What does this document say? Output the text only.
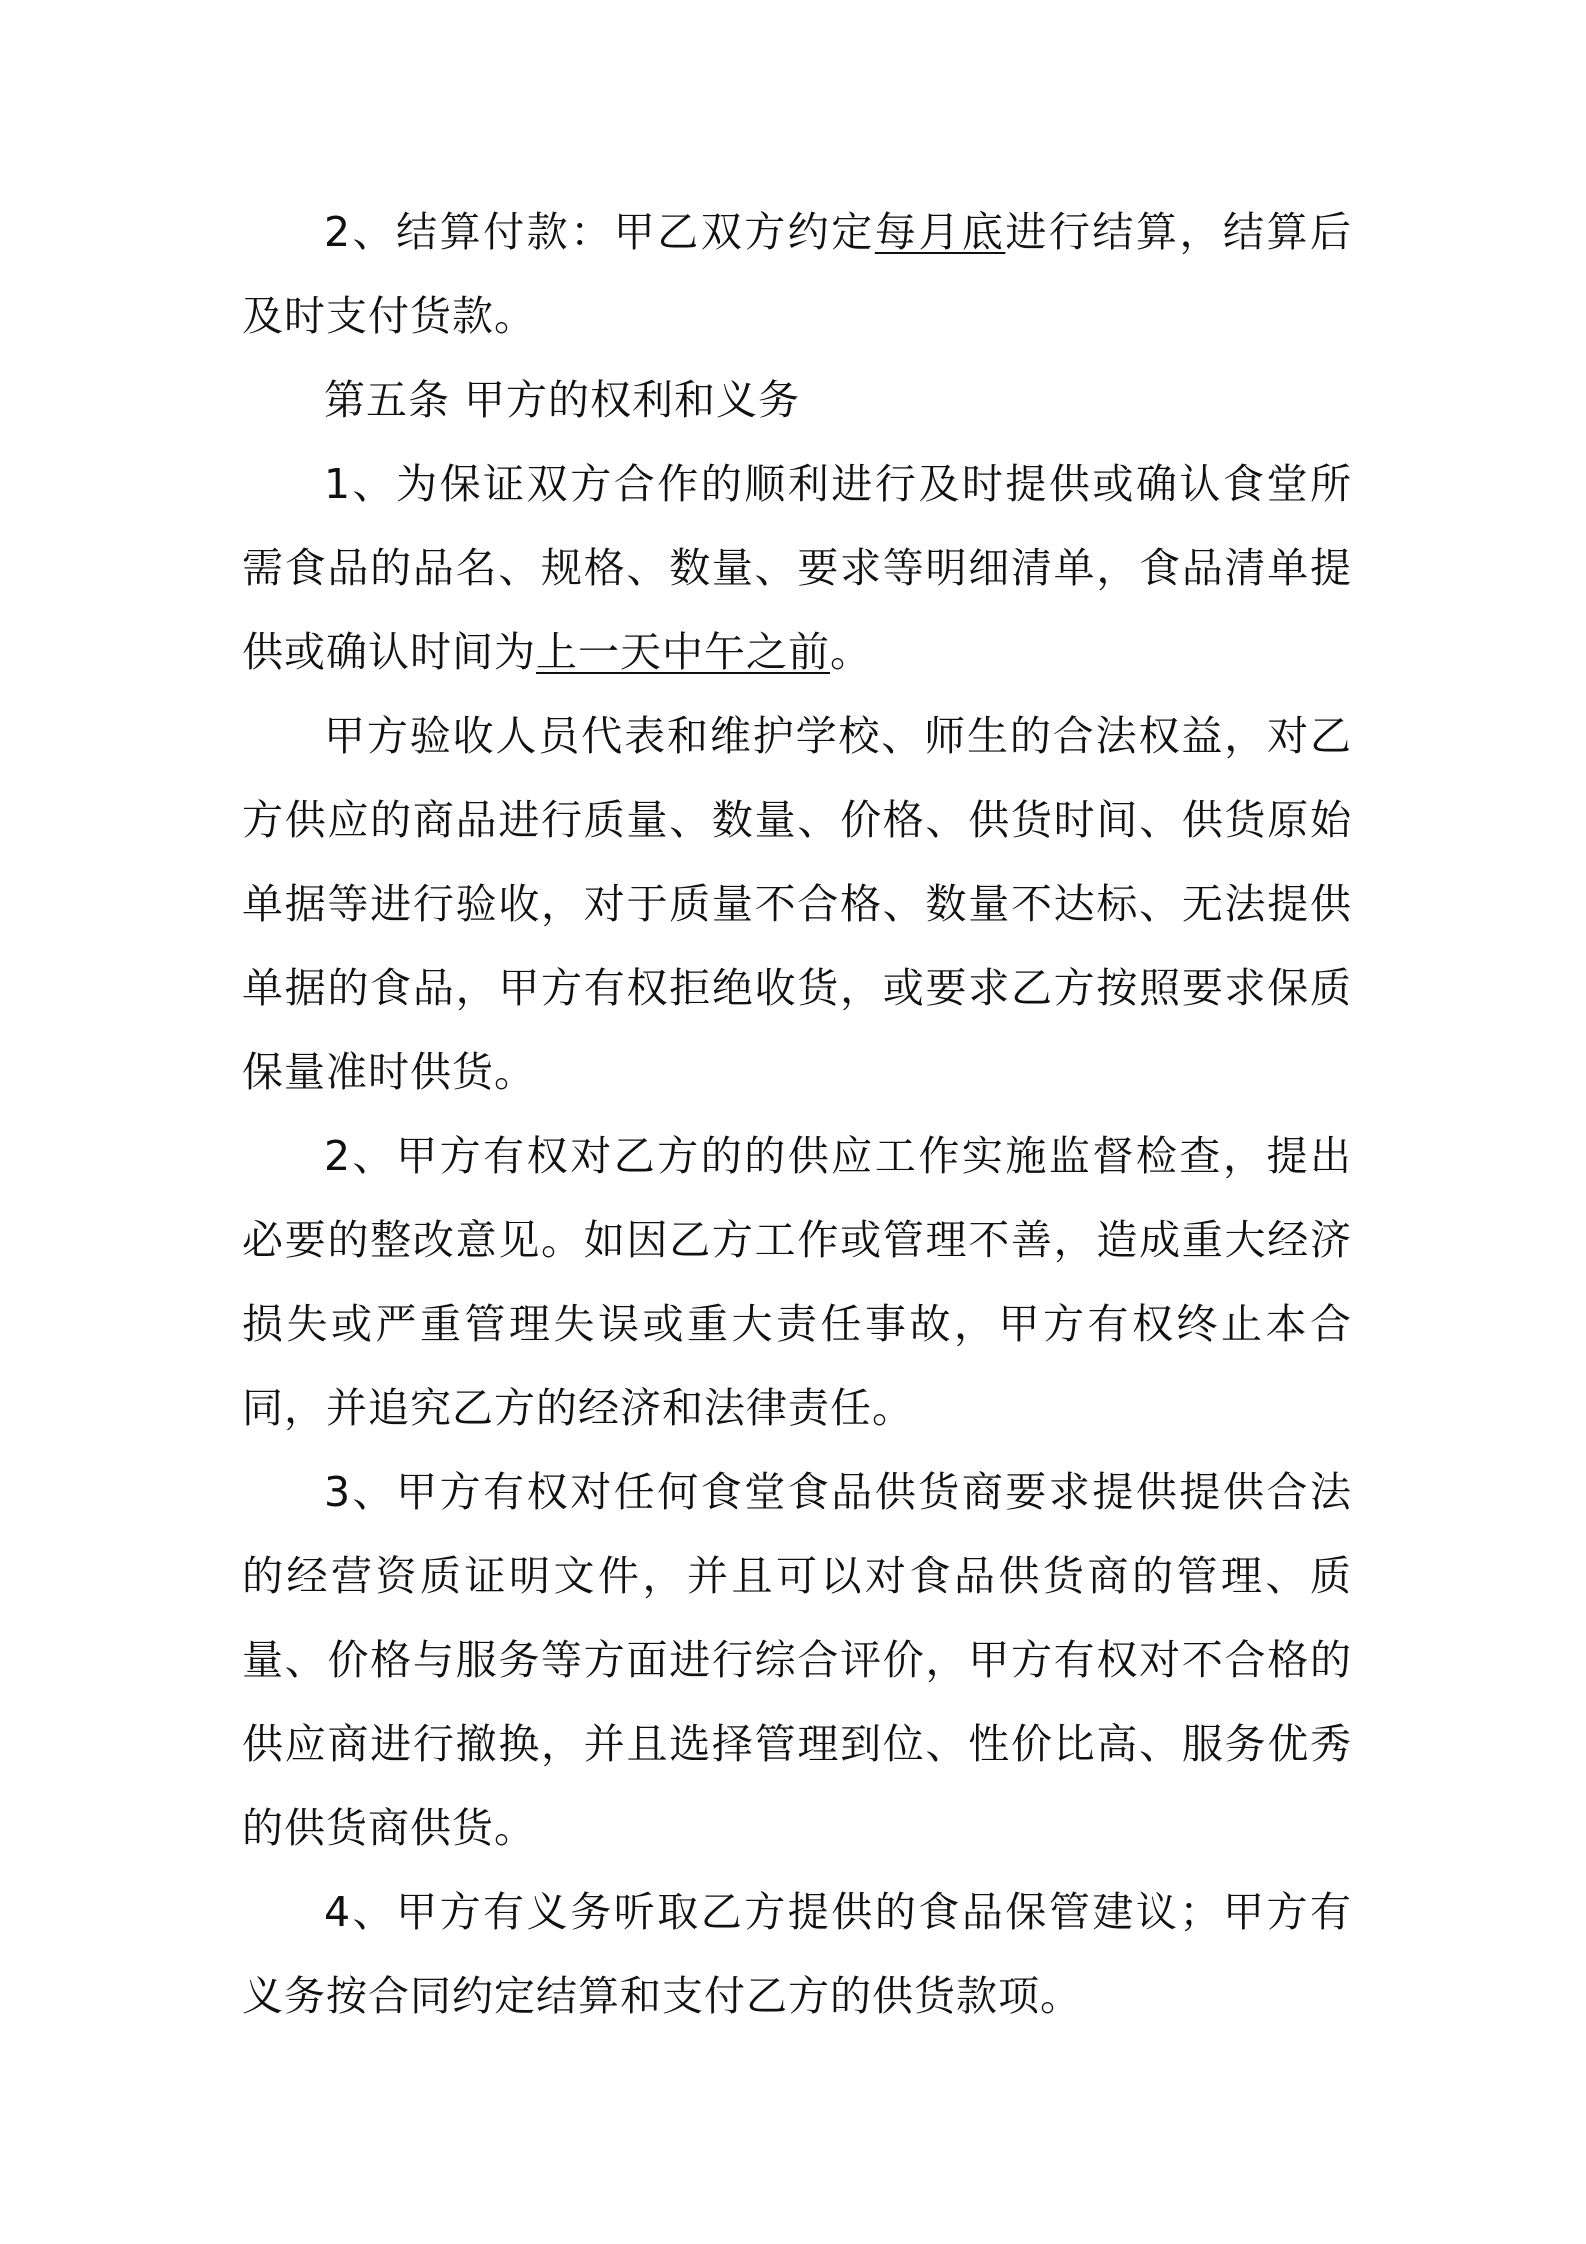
2、结算付款：甲乙双方约定每月底进行结算，结算后及时支付货款。

第五条 甲方的权利和义务

1、为保证双方合作的顺利进行及时提供或确认食堂所需食品的品名、规格、数量、要求等明细清单，食品清单提供或确认时间为上一天中午之前。

甲方验收人员代表和维护学校、师生的合法权益，对乙方供应的商品进行质量、数量、价格、供货时间、供货原始单据等进行验收，对于质量不合格、数量不达标、无法提供单据的食品，甲方有权拒绝收货，或要求乙方按照要求保质保量准时供货。

2、甲方有权对乙方的的供应工作实施监督检查，提出必要的整改意见。如因乙方工作或管理不善，造成重大经济损失或严重管理失误或重大责任事故，甲方有权终止本合同，并追究乙方的经济和法律责任。

3、甲方有权对任何食堂食品供货商要求提供提供合法的经营资质证明文件，并且可以对食品供货商的管理、质量、价格与服务等方面进行综合评价，甲方有权对不合格的供应商进行撤换，并且选择管理到位、性价比高、服务优秀的供货商供货。

4、甲方有义务听取乙方提供的食品保管建议；甲方有义务按合同约定结算和支付乙方的供货款项。
